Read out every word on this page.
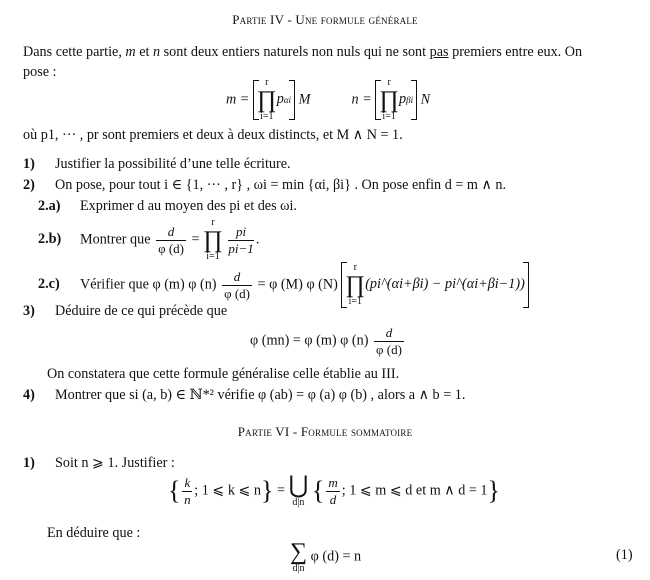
Partie IV - Une formule générale
Dans cette partie, m et n sont deux entiers naturels non nuls qui ne sont pas premiers entre eux. On
pose :
m =
r
∏
i=1
p αi M	n =
r
∏
i=1
p βi N
où p1, ··· , pr sont premiers et deux à deux distincts, et M ∧ N = 1.
1) Justifier la possibilité d’une telle écriture.
2) On pose, pour tout i ∈ {1, ··· , r} , ωi = min {αi, βi} . On pose enfin d = m ∧ n.
2.a) Exprimer d au moyen des pi et des ωi.
2.b) Montrer que $\frac{d}{\varphi (d)} = r$
∏
i=1
$\frac{pi}{pi-1}$ .
2.c) Vérifier que φ (m) φ $(n) \frac{d}{\varphi (d)} = \varphi$ (M) φ (N)
r
∏
i=1
(pi^(αi+βi) − pi^(αi+βi−1))
3) Déduire de ce qui précède que
φ (mn) = φ (m) φ $(n) \frac{d}{\varphi (d)}$
On constatera que cette formule généralise celle établie au III.
4) Montrer que si (a, b) ∈ ℕ*² vérifie φ (ab) = φ (a) φ (b) , alors a ∧ b = 1.
Partie VI - Formule sommatoire
1) Soit n ⩾ 1. Justifier :
{ $\frac{k}{n}$ ; 1 ⩽ k ⩽ n} = ⋃
d|n { $\frac{m}{d}$ ; 1 ⩽ m ⩽ d et m ∧ d = 1}
En déduire que :
∑
d|n φ (d) = n	(1)
